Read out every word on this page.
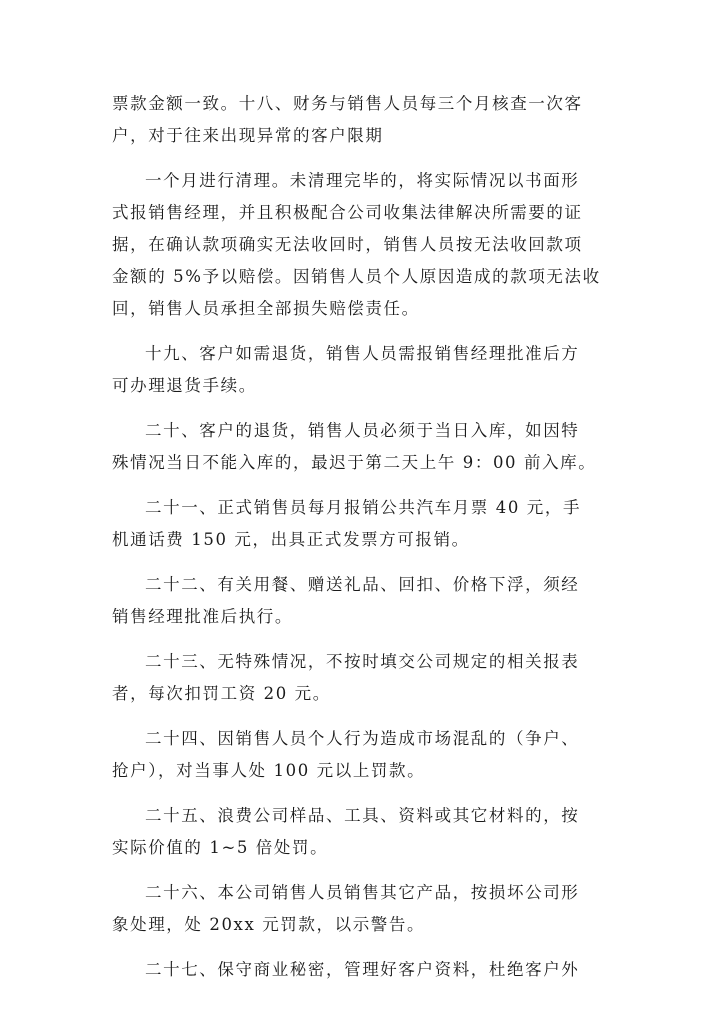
票款金额一致。十八、财务与销售人员每三个月核查一次客
户，对于往来出现异常的客户限期
一个月进行清理。未清理完毕的，将实际情况以书面形
式报销售经理，并且积极配合公司收集法律解决所需要的证
据，在确认款项确实无法收回时，销售人员按无法收回款项
金额的 5%予以赔偿。因销售人员个人原因造成的款项无法收
回，销售人员承担全部损失赔偿责任。
十九、客户如需退货，销售人员需报销售经理批准后方
可办理退货手续。
二十、客户的退货，销售人员必须于当日入库，如因特
殊情况当日不能入库的，最迟于第二天上午 9：00 前入库。
二十一、正式销售员每月报销公共汽车月票 40 元，手
机通话费 150 元，出具正式发票方可报销。
二十二、有关用餐、赠送礼品、回扣、价格下浮，须经
销售经理批准后执行。
二十三、无特殊情况，不按时填交公司规定的相关报表
者，每次扣罚工资 20 元。
二十四、因销售人员个人行为造成市场混乱的（争户、
抢户），对当事人处 100 元以上罚款。
二十五、浪费公司样品、工具、资料或其它材料的，按
实际价值的 1~5 倍处罚。
二十六、本公司销售人员销售其它产品，按损坏公司形
象处理，处 20xx 元罚款，以示警告。
二十七、保守商业秘密，管理好客户资料，杜绝客户外
